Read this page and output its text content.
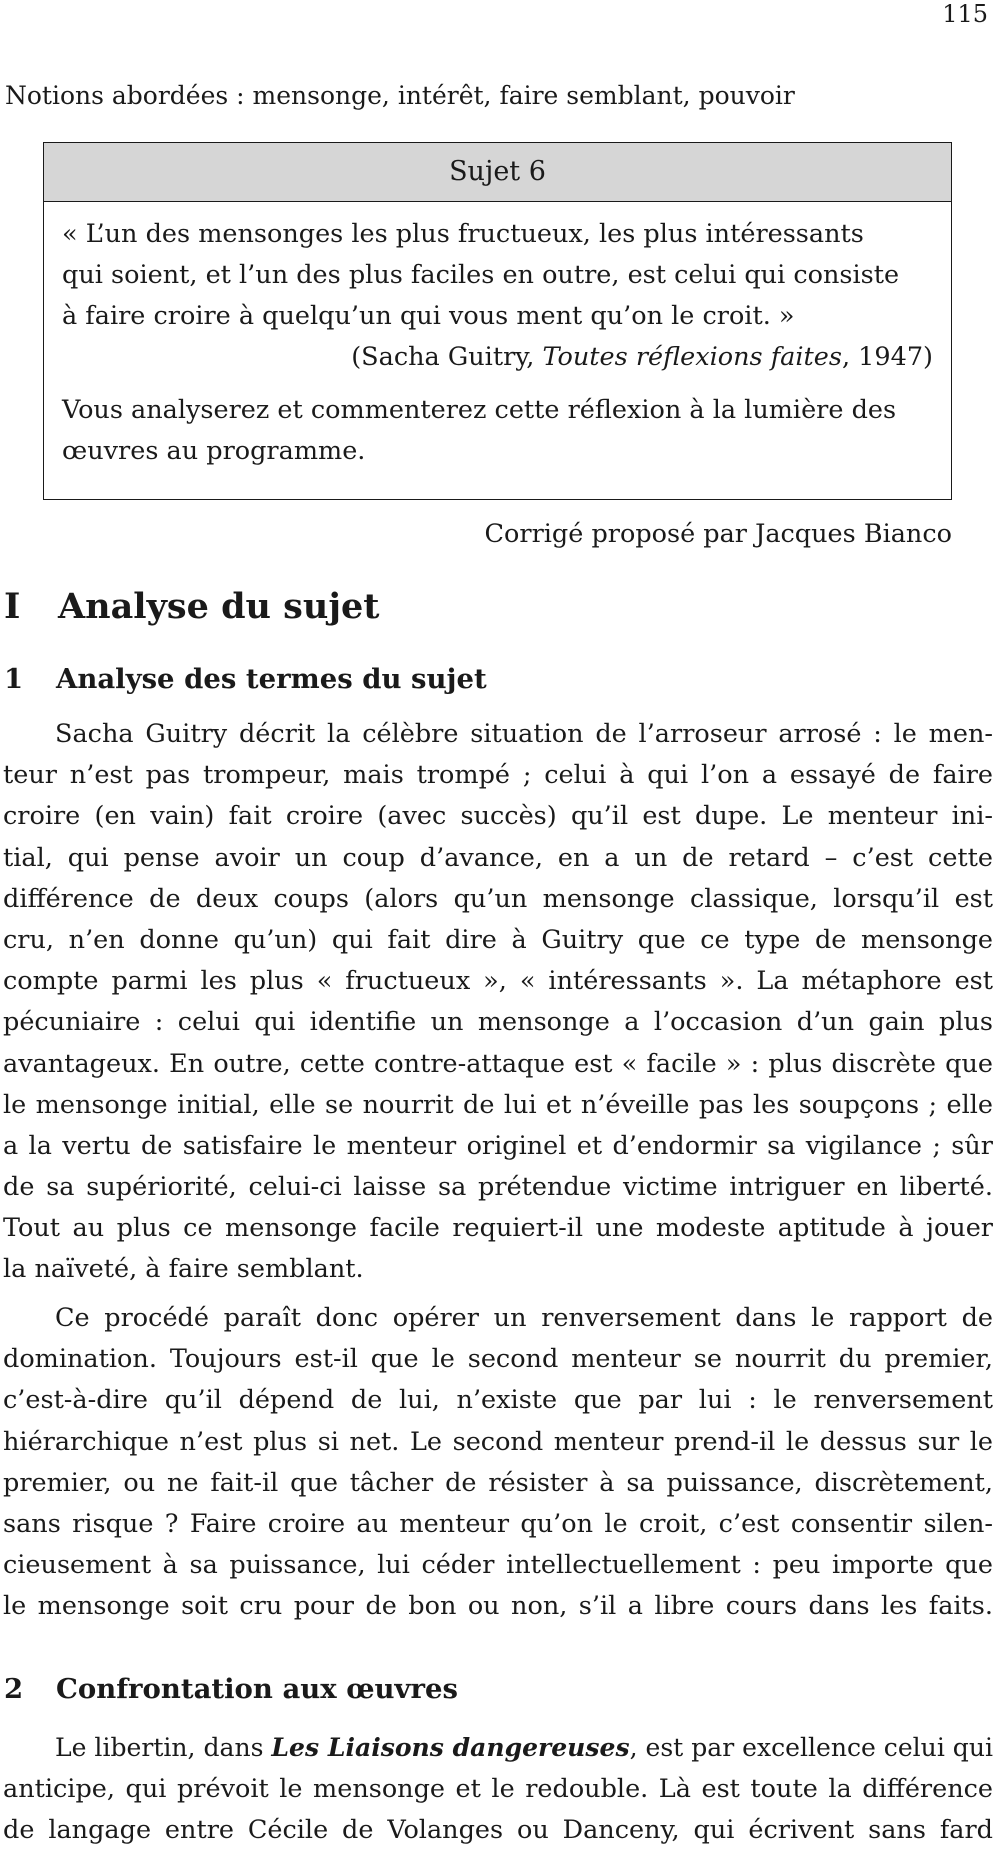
115
Notions abordées : mensonge, intérêt, faire semblant, pouvoir
Sujet 6
« L’un des mensonges les plus fructueux, les plus intéressants
qui soient, et l’un des plus faciles en outre, est celui qui consiste
à faire croire à quelqu’un qui vous ment qu’on le croit. »
(Sacha Guitry, Toutes réflexions faites, 1947)
Vous analyserez et commenterez cette réflexion à la lumière des
œuvres au programme.
Corrigé proposé par Jacques Bianco
I Analyse du sujet
1 Analyse des termes du sujet
Sacha Guitry décrit la célèbre situation de l’arroseur arrosé : le men-
teur n’est pas trompeur, mais trompé ; celui à qui l’on a essayé de faire
croire (en vain) fait croire (avec succès) qu’il est dupe. Le menteur ini-
tial, qui pense avoir un coup d’avance, en a un de retard – c’est cette
différence de deux coups (alors qu’un mensonge classique, lorsqu’il est
cru, n’en donne qu’un) qui fait dire à Guitry que ce type de mensonge
compte parmi les plus « fructueux », « intéressants ». La métaphore est
pécuniaire : celui qui identifie un mensonge a l’occasion d’un gain plus
avantageux. En outre, cette contre-attaque est « facile » : plus discrète que
le mensonge initial, elle se nourrit de lui et n’éveille pas les soupçons ; elle
a la vertu de satisfaire le menteur originel et d’endormir sa vigilance ; sûr
de sa supériorité, celui-ci laisse sa prétendue victime intriguer en liberté.
Tout au plus ce mensonge facile requiert-il une modeste aptitude à jouer
la naïveté, à faire semblant.
Ce procédé paraît donc opérer un renversement dans le rapport de
domination. Toujours est-il que le second menteur se nourrit du premier,
c’est-à-dire qu’il dépend de lui, n’existe que par lui : le renversement
hiérarchique n’est plus si net. Le second menteur prend-il le dessus sur le
premier, ou ne fait-il que tâcher de résister à sa puissance, discrètement,
sans risque ? Faire croire au menteur qu’on le croit, c’est consentir silen-
cieusement à sa puissance, lui céder intellectuellement : peu importe que
le mensonge soit cru pour de bon ou non, s’il a libre cours dans les faits.
2 Confrontation aux œuvres
Le libertin, dans Les Liaisons dangereuses, est par excellence celui qui
anticipe, qui prévoit le mensonge et le redouble. Là est toute la différence
de langage entre Cécile de Volanges ou Danceny, qui écrivent sans fard
